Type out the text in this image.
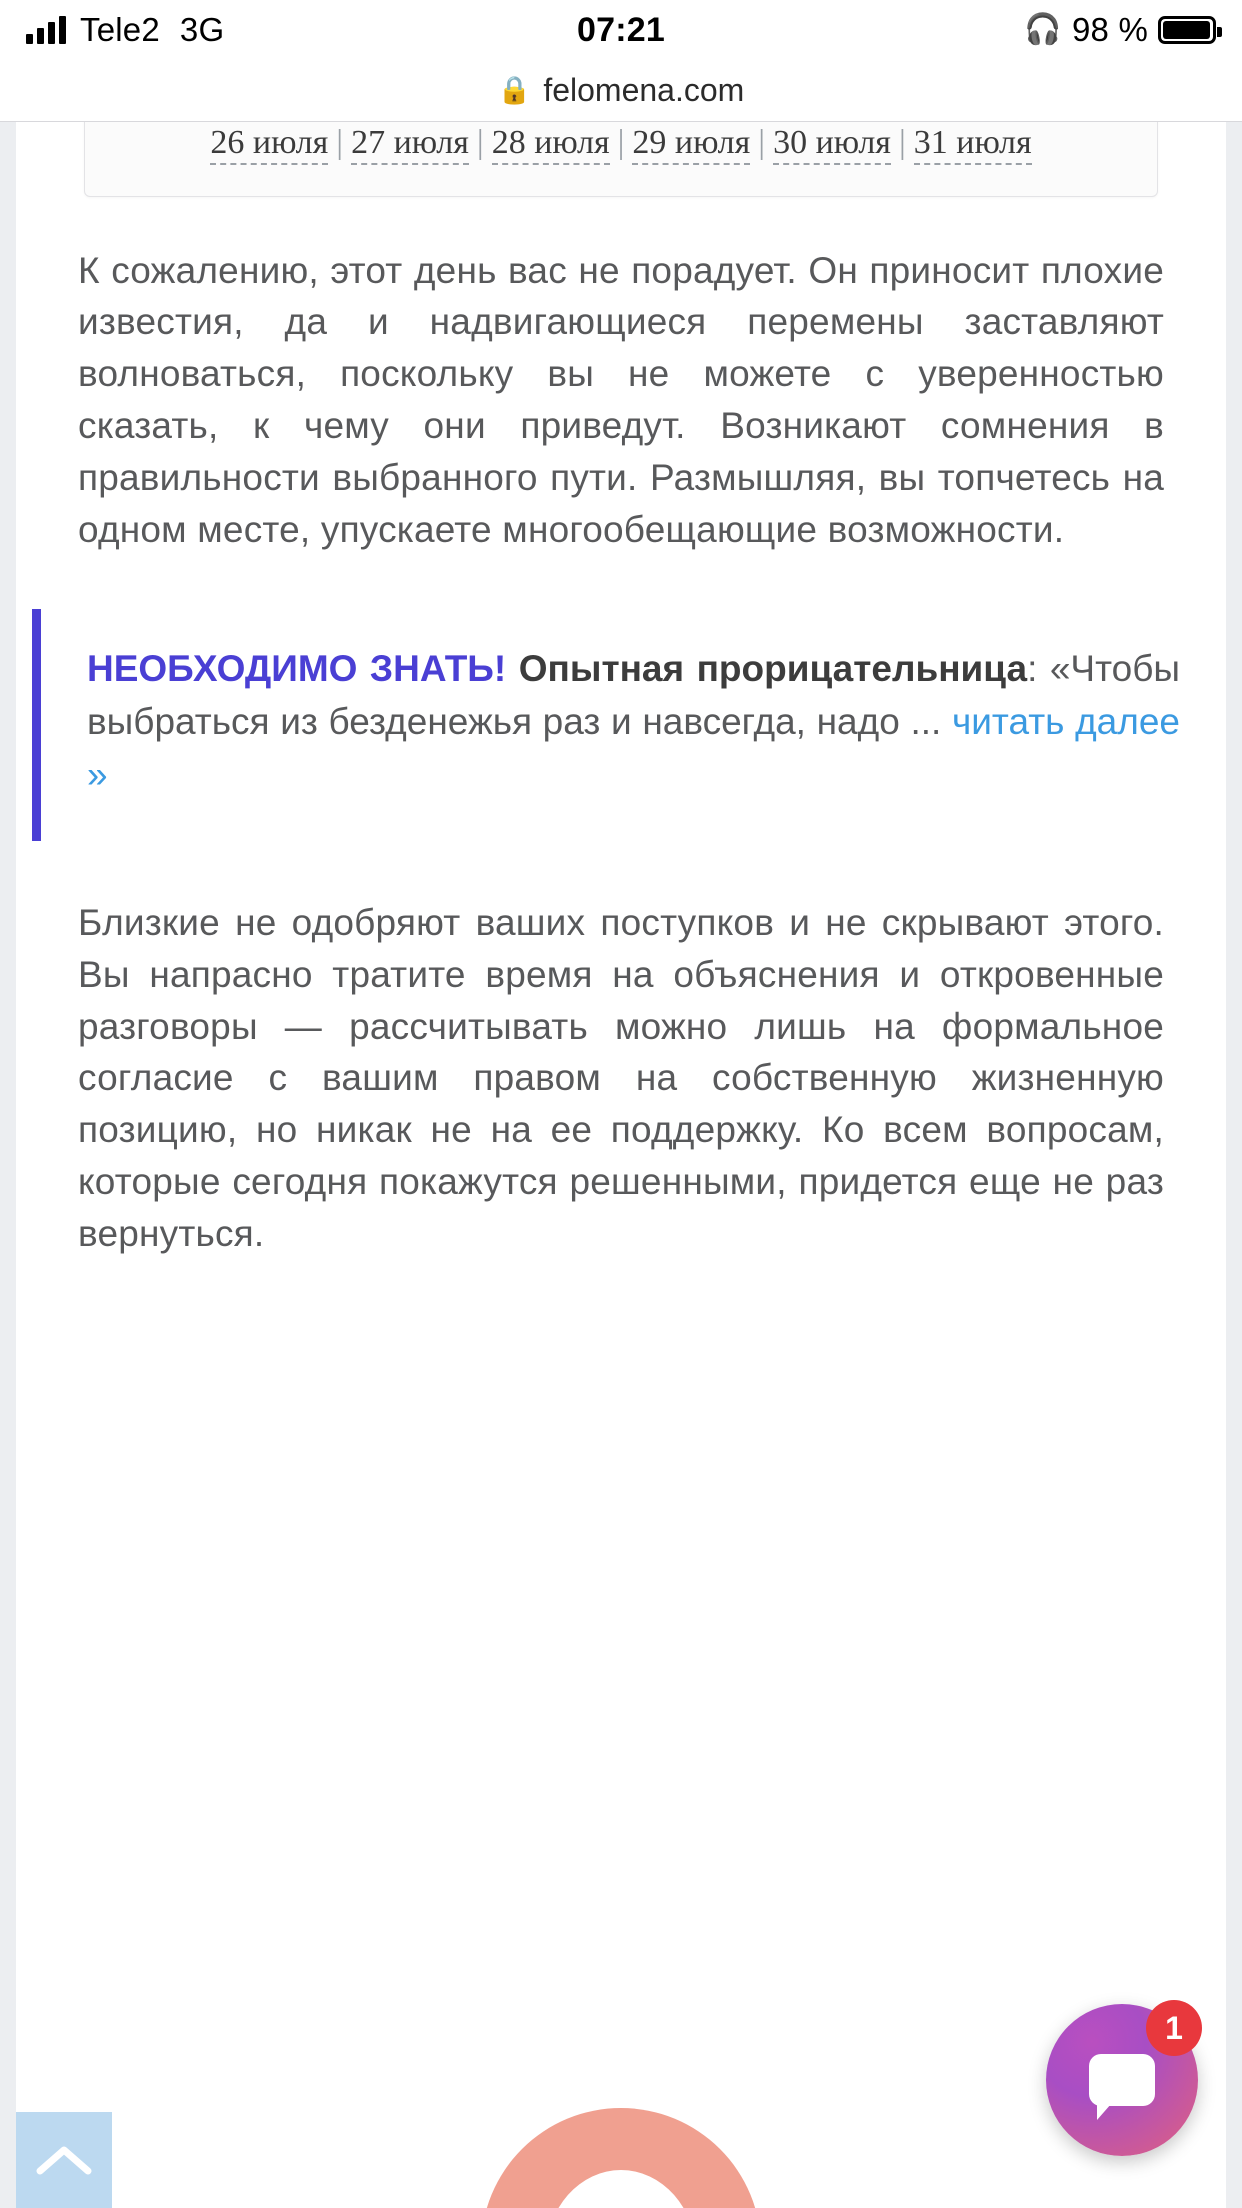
Tele2 3G	07:21	🎧 98 %
🔒 felomena.com
26 июля | 27 июля | 28 июля | 29 июля | 30 июля | 31 июля

К сожалению, этот день вас не порадует. Он приносит плохие известия, да и надвигающиеся перемены заставляют волноваться, поскольку вы не можете с уверенностью сказать, к чему они приведут. Возникают сомнения в правильности выбранного пути. Размышляя, вы топчетесь на одном месте, упускаете многообещающие возможности.

НЕОБХОДИМО ЗНАТЬ! Опытная прорицательница: «Чтобы выбраться из безденежья раз и навсегда, надо ... читать далее »

Близкие не одобряют ваших поступков и не скрывают этого. Вы напрасно тратите время на объяснения и откровенные разговоры — рассчитывать можно лишь на формальное согласие с вашим правом на собственную жизненную позицию, но никак не на ее поддержку. Ко всем вопросам, которые сегодня покажутся решенными, придется еще не раз вернуться.

1
